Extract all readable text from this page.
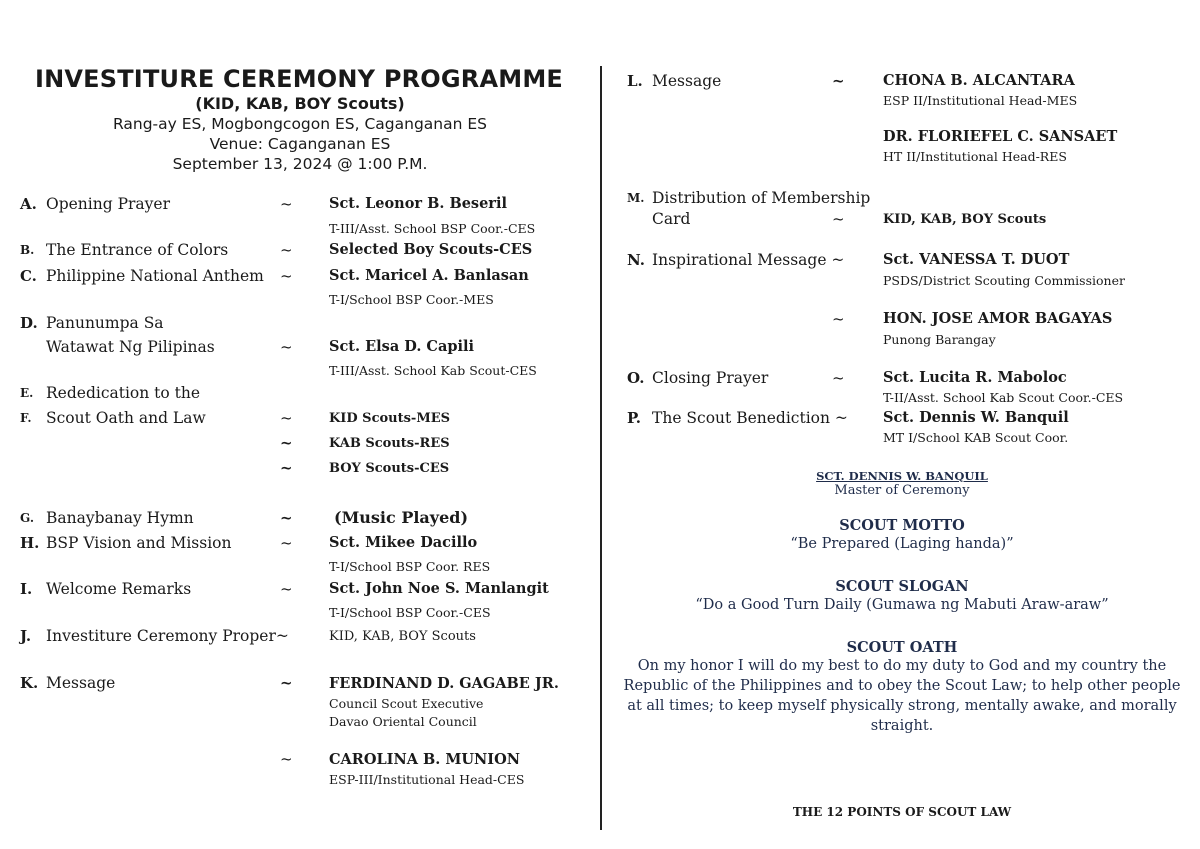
INVESTITURE CEREMONY PROGRAMME
(KID, KAB, BOY Scouts)
Rang-ay ES, Mogbongcogon ES, Caganganan ES
Venue: Caganganan ES
September 13, 2024 @ 1:00 P.M.
A. Opening Prayer	~	Sct. Leonor B. Beseril
T-III/Asst. School BSP Coor.-CES
B. The Entrance of Colors	~	Selected Boy Scouts-CES
C. Philippine National Anthem ~	Sct. Maricel A. Banlasan
T-I/School BSP Coor.-MES
D. Panunumpa Sa
Watawat Ng Pilipinas	~	Sct. Elsa D. Capili
T-III/Asst. School Kab Scout-CES
E. Rededication to the
F. Scout Oath and Law	~	KID Scouts-MES
~	KAB Scouts-RES
~	BOY Scouts-CES
G. Banaybanay Hymn	~	(Music Played)
H. BSP Vision and Mission	~	Sct. Mikee Dacillo
T-I/School BSP Coor. RES
I. Welcome Remarks	~	Sct. John Noe S. Manlangit
T-I/School BSP Coor.-CES
J. Investiture Ceremony Proper~	KID, KAB, BOY Scouts
K. Message	~	FERDINAND D. GAGABE JR.
Council Scout Executive
Davao Oriental Council
~	CAROLINA B. MUNION
ESP-III/Institutional Head-CES
L. Message	~	CHONA B. ALCANTARA
ESP II/Institutional Head-MES
DR. FLORIEFEL C. SANSAET
HT II/Institutional Head-RES
M. Distribution of Membership
Card	~	KID, KAB, BOY Scouts
N. Inspirational Message ~	Sct. VANESSA T. DUOT
PSDS/District Scouting Commissioner
~	HON. JOSE AMOR BAGAYAS
Punong Barangay
O. Closing Prayer	~	Sct. Lucita R. Maboloc
T-II/Asst. School Kab Scout Coor.-CES
P. The Scout Benediction ~ Sct. Dennis W. Banquil
MT I/School KAB Scout Coor.
SCT. DENNIS W. BANQUIL
Master of Ceremony
SCOUT MOTTO
“Be Prepared (Laging handa)”
SCOUT SLOGAN
“Do a Good Turn Daily (Gumawa ng Mabuti Araw-araw”
SCOUT OATH
On my honor I will do my best to do my duty to God and my country the
Republic of the Philippines and to obey the Scout Law; to help other people
at all times; to keep myself physically strong, mentally awake, and morally
straight.
THE 12 POINTS OF SCOUT LAW
